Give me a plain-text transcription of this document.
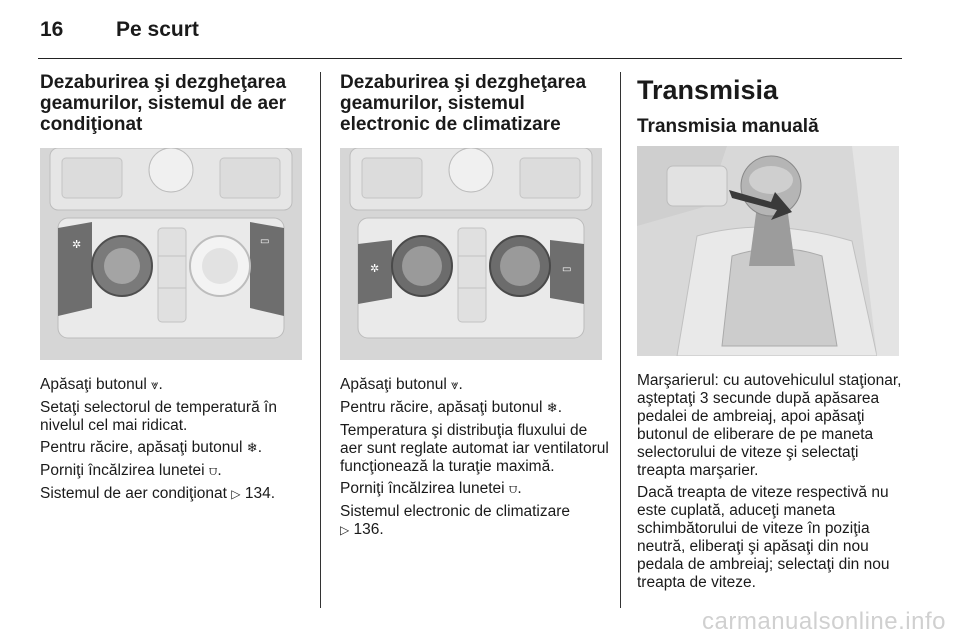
16	Pe scurt
Dezaburirea şi dezgheţarea geamurilor, sistemul de aer condiţionat
✲	▭

Apăsaţi butonul ⩔.

Setaţi selectorul de temperatură în nivelul cel mai ridicat.

Pentru răcire, apăsaţi butonul ❄.

Porniţi încălzirea lunetei ⩌.

Sistemul de aer condiţionat ▷ 134.

Dezaburirea şi dezgheţarea geamurilor, sistemul electronic de climatizare
✲	▭

Apăsaţi butonul ⩔.

Pentru răcire, apăsaţi butonul ❄.

Temperatura şi distribuţia fluxului de aer sunt reglate automat iar ventilatorul funcţionează la turaţie maximă.

Porniţi încălzirea lunetei ⩌.

Sistemul electronic de climatizare
▷ 136.

Transmisia
Transmisia manuală

Marşarierul: cu autovehiculul staţionar, aşteptaţi 3 secunde după apăsarea pedalei de ambreiaj, apoi apăsaţi butonul de eliberare de pe maneta selectorului de viteze şi selectaţi treapta marşarier.

Dacă treapta de viteze respectivă nu este cuplată, aduceţi maneta schimbătorului de viteze în poziţia neutră, eliberaţi şi apăsaţi din nou pedala de ambreiaj; selectaţi din nou treapta de viteze.

carmanualsonline.info
